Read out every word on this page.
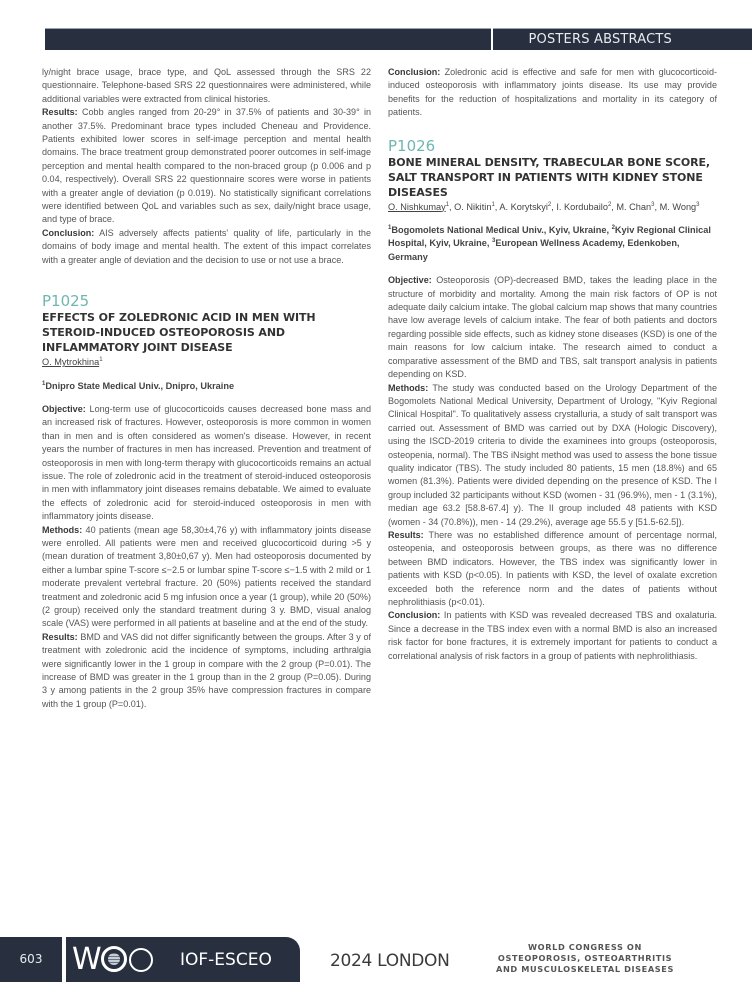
POSTERS ABSTRACTS

ly/night brace usage, brace type, and QoL assessed through the SRS 22 questionnaire. Telephone-based SRS 22 questionnaires were administered, while additional variables were extracted from clinical histories.

Results: Cobb angles ranged from 20-29° in 37.5% of patients and 30-39° in another 37.5%. Predominant brace types included Cheneau and Providence. Patients exhibited lower scores in self-image perception and mental health domains. The brace treatment group demonstrated poorer outcomes in self-image perception and mental health compared to the non-braced group (p 0.006 and p 0.04, respectively). Overall SRS 22 questionnaire scores were worse in patients with a greater angle of deviation (p 0.019). No statistically significant correlations were identified between QoL and variables such as sex, daily/night brace usage, and type of brace.

Conclusion: AIS adversely affects patients' quality of life, particularly in the domains of body image and mental health. The extent of this impact correlates with a greater angle of deviation and the decision to use or not use a brace.

P1025
EFFECTS OF ZOLEDRONIC ACID IN MEN WITH STEROID-INDUCED OSTEOPOROSIS AND INFLAMMATORY JOINT DISEASE
O. Mytrokhina$^1$
$^1$Dnipro State Medical Univ., Dnipro, Ukraine

Objective: Long-term use of glucocorticoids causes decreased bone mass and an increased risk of fractures. However, osteoporosis is more common in women than in men and is often considered as women's disease. However, in recent years the number of fractures in men has increased. Prevention and treatment of osteoporosis in men with long-term therapy with glucocorticoids remains an actual issue. The role of zoledronic acid in the treatment of steroid-induced osteoporosis in men with inflammatory joint diseases remains debatable. We aimed to evaluate the effects of zoledronic acid for steroid-induced osteoporosis in men with inflammatory joints disease.

Methods: 40 patients (mean age 58,30±4,76 y) with inflammatory joints disease were enrolled. All patients were men and received glucocorticoid during >5 y (mean duration of treatment 3,80±0,67 y). Men had osteoporosis documented by either a lumbar spine T-score ≤−2.5 or lumbar spine T-score ≤−1.5 with 2 mild or 1 moderate prevalent vertebral fracture. 20 (50%) patients received the standard treatment and zoledronic acid 5 mg infusion once a year (1 group), while 20 (50%) (2 group) received only the standard treatment during 3 y. BMD, visual analog scale (VAS) were performed in all patients at baseline and at the end of the study.

Results: BMD and VAS did not differ significantly between the groups. After 3 y of treatment with zoledronic acid the incidence of symptoms, including arthralgia were significantly lower in the 1 group in compare with the 2 group (P=0.01). The increase of BMD was greater in the 1 group than in the 2 group (P=0.05). During 3 y among patients in the 2 group 35% have compression fractures in compare with the 1 group (P=0.01).

Conclusion: Zoledronic acid is effective and safe for men with glucocorticoid-induced osteoporosis with inflammatory joints disease. Its use may provide benefits for the reduction of hospitalizations and mortality in its category of patients.

P1026
BONE MINERAL DENSITY, TRABECULAR BONE SCORE, SALT TRANSPORT IN PATIENTS WITH KIDNEY STONE DISEASES
O. Nishkumay$^1$, O. Nikitin$^1$, A. Korytskyi$^2$, I. Kordubailo$^2$, M. Chan$^3$, M. Wong$^3$
$^1$Bogomolets National Medical Univ., Kyiv, Ukraine, $^2$Kyiv Regional Clinical Hospital, Kyiv, Ukraine, $^3$European Wellness Academy, Edenkoben, Germany

Objective: Osteoporosis (OP)-decreased BMD, takes the leading place in the structure of morbidity and mortality. Among the main risk factors of OP is not adequate daily calcium intake. The global calcium map shows that many countries have low average levels of calcium intake. The fear of both patients and doctors regarding possible side effects, such as kidney stone diseases (KSD) is one of the main reasons for low calcium intake. The research aimed to conduct a comparative assessment of the BMD and TBS, salt transport analysis in patients depending on KSD.

Methods: The study was conducted based on the Urology Department of the Bogomolets National Medical University, Department of Urology, "Kyiv Regional Clinical Hospital". To qualitatively assess crystalluria, a study of salt transport was carried out. Assessment of BMD was carried out by DXA (Hologic Discovery), using the ISCD-2019 criteria to divide the examinees into groups (osteoporosis, osteopenia, normal). The TBS iNsight method was used to assess the bone tissue quality indicator (TBS). The study included 80 patients, 15 men (18.8%) and 65 women (81.3%). Patients were divided depending on the presence of KSD. The I group included 32 participants without KSD (women - 31 (96.9%), men - 1 (3.1%), median age 63.2 [58.8-67.4] y). The II group included 48 patients with KSD (women - 34 (70.8%)), men - 14 (29.2%), average age 55.5 y [51.5-62.5]).

Results: There was no established difference amount of percentage normal, osteopenia, and osteoporosis between groups, as there was no difference between BMD indicators. However, the TBS index was significantly lower in patients with KSD (p<0.05). In patients with KSD, the level of oxalate excretion exceeded both the reference norm and the dates of patients without nephrolithiasis (p<0.01).

Conclusion: In patients with KSD was revealed decreased TBS and oxalaturia. Since a decrease in the TBS index even with a normal BMD is also an increased risk factor for bone fractures, it is extremely important for patients to conduct a correlational analysis of risk factors in a group of patients with nephrolithiasis.

603 W	IOF-ESCEO	2024 LONDON
WORLD CONGRESS ON
OSTEOPOROSIS, OSTEOARTHRITIS
AND MUSCULOSKELETAL DISEASES
